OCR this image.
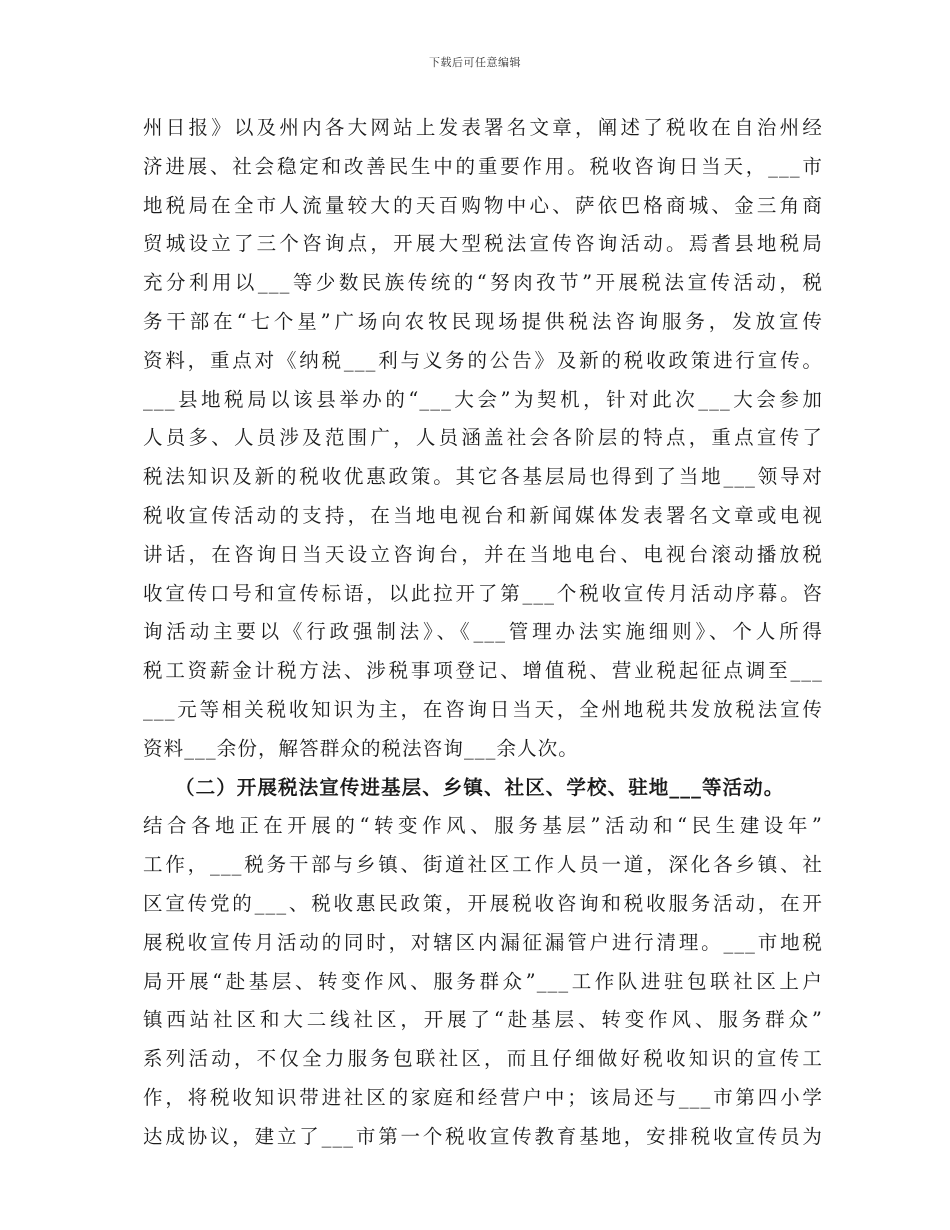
下载后可任意编辑
州日报》以及州内各大网站上发表署名文章，阐述了税收在自治州经
济进展、社会稳定和改善民生中的重要作用。税收咨询日当天，___市
地税局在全市人流量较大的天百购物中心、萨依巴格商城、金三角商
贸城设立了三个咨询点，开展大型税法宣传咨询活动。焉耆县地税局
充分利用以___等少数民族传统的“努肉孜节”开展税法宣传活动，税
务干部在“七个星”广场向农牧民现场提供税法咨询服务，发放宣传
资料，重点对《纳税___利与义务的公告》及新的税收政策进行宣传。
___县地税局以该县举办的“___大会”为契机，针对此次___大会参加
人员多、人员涉及范围广，人员涵盖社会各阶层的特点，重点宣传了
税法知识及新的税收优惠政策。其它各基层局也得到了当地___领导对
税收宣传活动的支持，在当地电视台和新闻媒体发表署名文章或电视
讲话，在咨询日当天设立咨询台，并在当地电台、电视台滚动播放税
收宣传口号和宣传标语，以此拉开了第___个税收宣传月活动序幕。咨
询活动主要以《行政强制法》、《___管理办法实施细则》、个人所得
税工资薪金计税方法、涉税事项登记、增值税、营业税起征点调至___
___元等相关税收知识为主，在咨询日当天，全州地税共发放税法宣传
资料___余份，解答群众的税法咨询___余人次。
（二）开展税法宣传进基层、乡镇、社区、学校、驻地___等活动。
结合各地正在开展的“转变作风、服务基层”活动和“民生建设年”
工作，___税务干部与乡镇、街道社区工作人员一道，深化各乡镇、社
区宣传党的___、税收惠民政策，开展税收咨询和税收服务活动，在开
展税收宣传月活动的同时，对辖区内漏征漏管户进行清理。___市地税
局开展“赴基层、转变作风、服务群众”___工作队进驻包联社区上户
镇西站社区和大二线社区，开展了“赴基层、转变作风、服务群众”
系列活动，不仅全力服务包联社区，而且仔细做好税收知识的宣传工
作，将税收知识带进社区的家庭和经营户中；该局还与___市第四小学
达成协议，建立了___市第一个税收宣传教育基地，安排税收宣传员为
